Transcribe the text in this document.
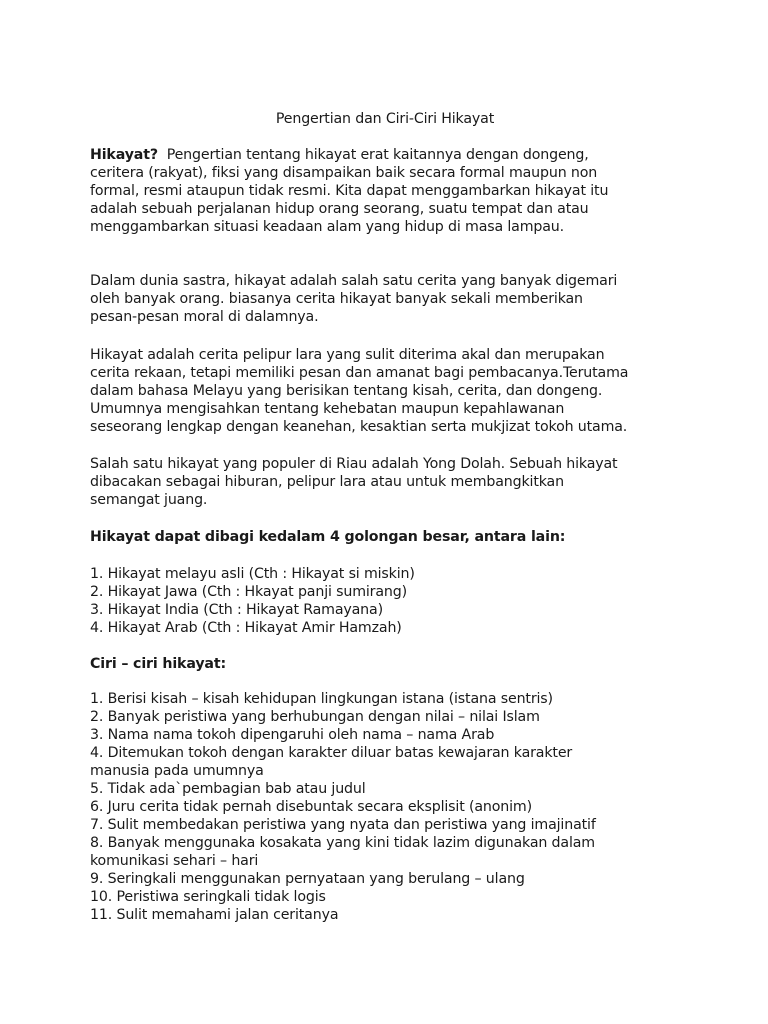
Pengertian dan Ciri-Ciri Hikayat
Hikayat? Pengertian tentang hikayat erat kaitannya dengan dongeng,
ceritera (rakyat), fiksi yang disampaikan baik secara formal maupun non
formal, resmi ataupun tidak resmi. Kita dapat menggambarkan hikayat itu
adalah sebuah perjalanan hidup orang seorang, suatu tempat dan atau
menggambarkan situasi keadaan alam yang hidup di masa lampau.
Dalam dunia sastra, hikayat adalah salah satu cerita yang banyak digemari
oleh banyak orang. biasanya cerita hikayat banyak sekali memberikan
pesan-pesan moral di dalamnya.
Hikayat adalah cerita pelipur lara yang sulit diterima akal dan merupakan
cerita rekaan, tetapi memiliki pesan dan amanat bagi pembacanya.Terutama
dalam bahasa Melayu yang berisikan tentang kisah, cerita, dan dongeng.
Umumnya mengisahkan tentang kehebatan maupun kepahlawanan
seseorang lengkap dengan keanehan, kesaktian serta mukjizat tokoh utama.
Salah satu hikayat yang populer di Riau adalah Yong Dolah. Sebuah hikayat
dibacakan sebagai hiburan, pelipur lara atau untuk membangkitkan
semangat juang.
Hikayat dapat dibagi kedalam 4 golongan besar, antara lain:
1. Hikayat melayu asli (Cth : Hikayat si miskin)
2. Hikayat Jawa (Cth : Hkayat panji sumirang)
3. Hikayat India (Cth : Hikayat Ramayana)
4. Hikayat Arab (Cth : Hikayat Amir Hamzah)
Ciri – ciri hikayat:
1. Berisi kisah – kisah kehidupan lingkungan istana (istana sentris)
2. Banyak peristiwa yang berhubungan dengan nilai – nilai Islam
3. Nama nama tokoh dipengaruhi oleh nama – nama Arab
4. Ditemukan tokoh dengan karakter diluar batas kewajaran karakter
manusia pada umumnya
5. Tidak ada`pembagian bab atau judul
6. Juru cerita tidak pernah disebuntak secara eksplisit (anonim)
7. Sulit membedakan peristiwa yang nyata dan peristiwa yang imajinatif
8. Banyak menggunaka kosakata yang kini tidak lazim digunakan dalam
komunikasi sehari – hari
9. Seringkali menggunakan pernyataan yang berulang – ulang
10. Peristiwa seringkali tidak logis
11. Sulit memahami jalan ceritanya
